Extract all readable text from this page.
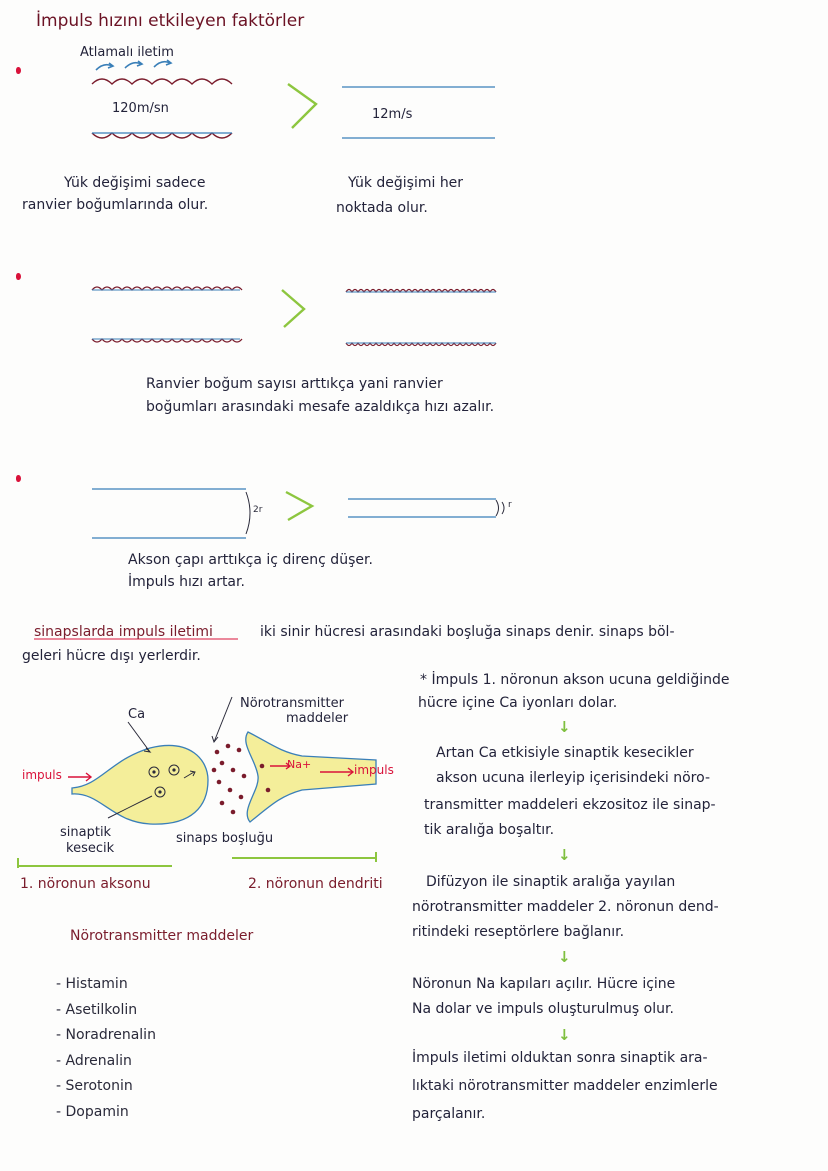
İmpuls hızını etkileyen faktörler
Atlamalı iletim
120m/sn	12m/s
Yük değişimi sadece
ranvier boğumlarında olur.
Yük değişimi her
noktada olur.
Ranvier boğum sayısı arttıkça yani ranvier
boğumları arasındaki mesafe azaldıkça hızı azalır.
2r	r
Akson çapı arttıkça iç direnç düşer.
İmpuls hızı artar.
sinapslarda impuls iletimi	iki sinir hücresi arasındaki boşluğa sinaps denir. sinaps böl-
geleri hücre dışı yerlerdir.
Ca
Nörotransmitter
maddeler
Na+
impuls	impuls
sinaptik
kesecik
sinaps boşluğu
1. nöronun aksonu	2. nöronun dendriti
Nörotransmitter maddeler
- Histamin
- Asetilkolin
- Noradrenalin
- Adrenalin
- Serotonin
- Dopamin
* İmpuls 1. nöronun akson ucuna geldiğinde
hücre içine Ca iyonları dolar.
↓
Artan Ca etkisiyle sinaptik kesecikler
akson ucuna ilerleyip içerisindeki nöro-
transmitter maddeleri ekzositoz ile sinap-
tik aralığa boşaltır.
↓
Difüzyon ile sinaptik aralığa yayılan
nörotransmitter maddeler 2. nöronun dend-
ritindeki reseptörlere bağlanır.
↓
Nöronun Na kapıları açılır. Hücre içine
Na dolar ve impuls oluşturulmuş olur.
↓
İmpuls iletimi olduktan sonra sinaptik ara-
lıktaki nörotransmitter maddeler enzimlerle
parçalanır.
